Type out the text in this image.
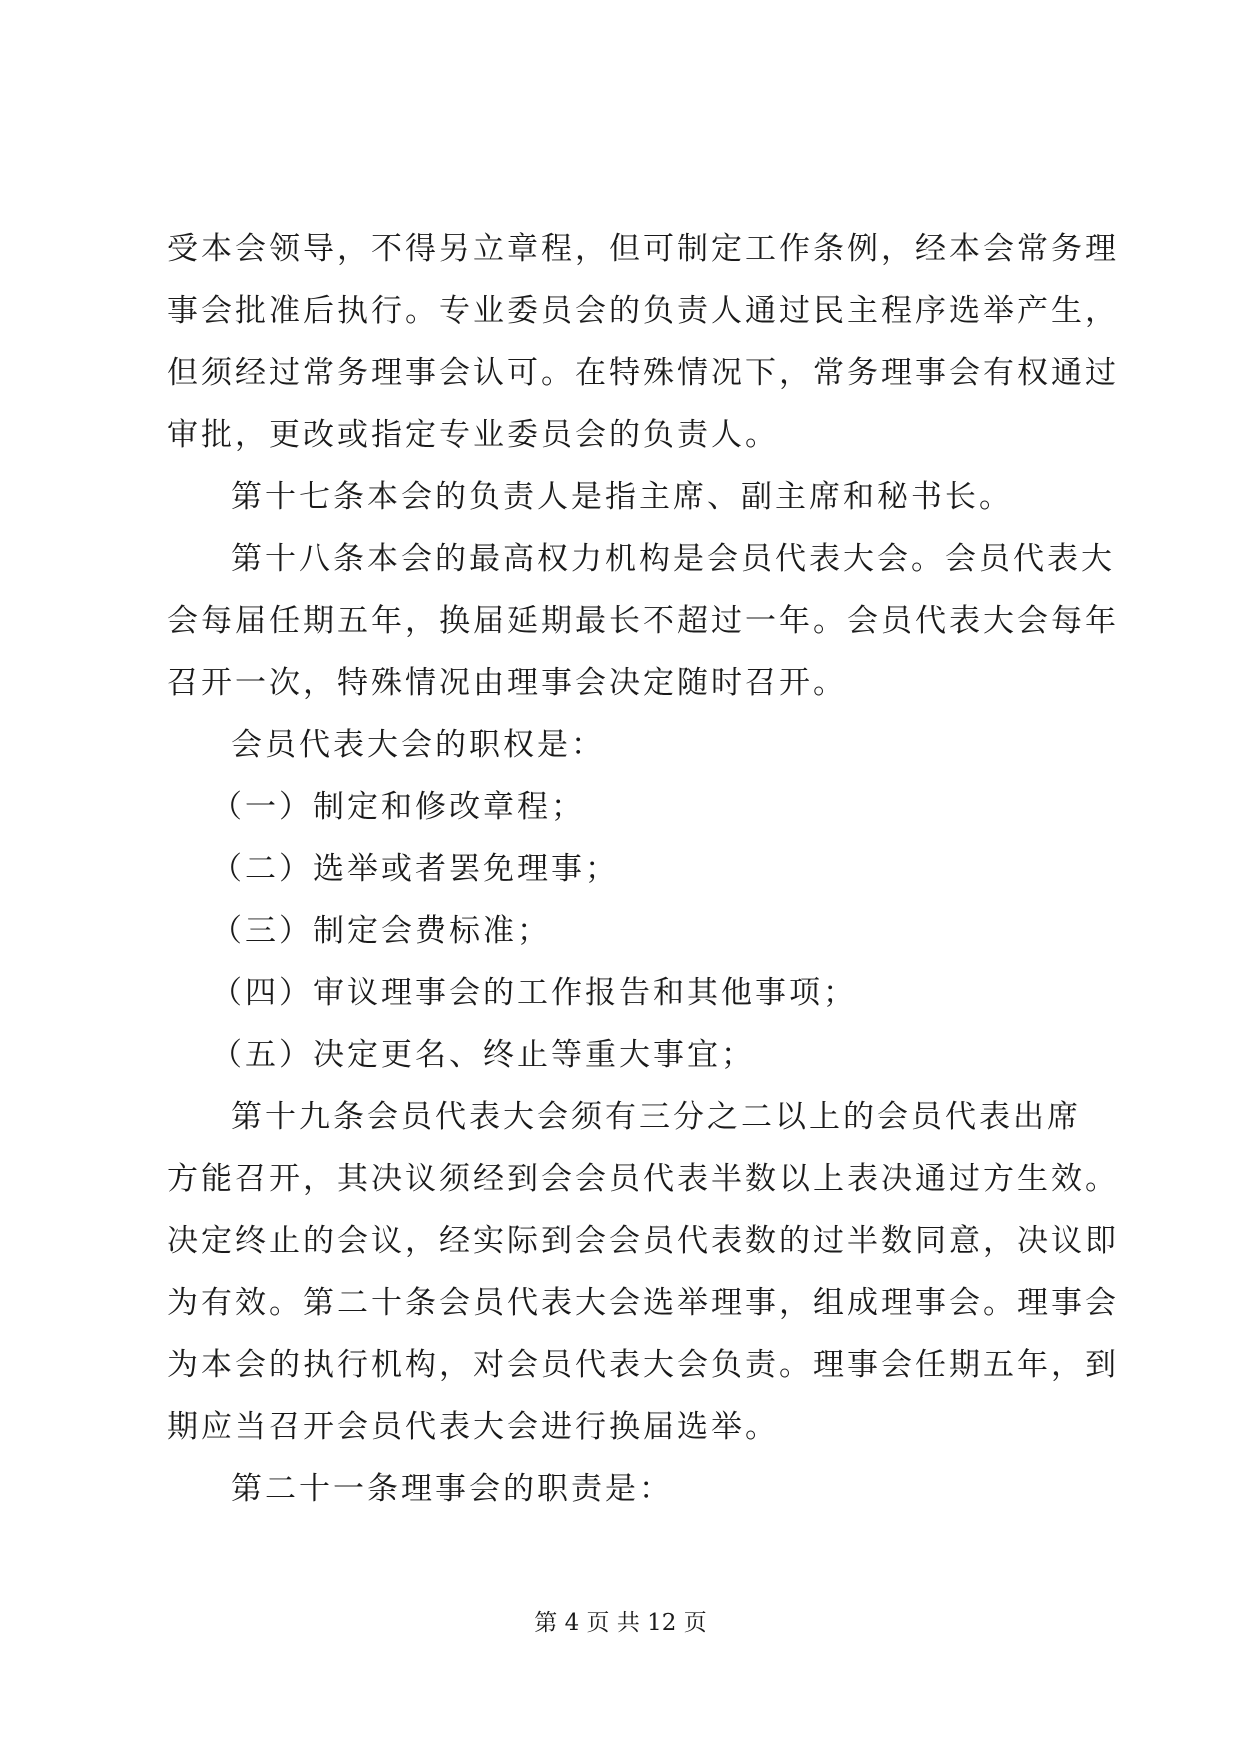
受本会领导，不得另立章程，但可制定工作条例，经本会常务理

事会批准后执行。专业委员会的负责人通过民主程序选举产生，

但须经过常务理事会认可。在特殊情况下，常务理事会有权通过

审批，更改或指定专业委员会的负责人。

第十七条本会的负责人是指主席、副主席和秘书长。

第十八条本会的最高权力机构是会员代表大会。会员代表大

会每届任期五年，换届延期最长不超过一年。会员代表大会每年

召开一次，特殊情况由理事会决定随时召开。

会员代表大会的职权是：

（一）制定和修改章程；

（二）选举或者罢免理事；

（三）制定会费标准；

（四）审议理事会的工作报告和其他事项；

（五）决定更名、终止等重大事宜；

第十九条会员代表大会须有三分之二以上的会员代表出席

方能召开，其决议须经到会会员代表半数以上表决通过方生效。

决定终止的会议，经实际到会会员代表数的过半数同意，决议即

为有效。第二十条会员代表大会选举理事，组成理事会。理事会

为本会的执行机构，对会员代表大会负责。理事会任期五年，到

期应当召开会员代表大会进行换届选举。

第二十一条理事会的职责是：

第 4 页 共 12 页
